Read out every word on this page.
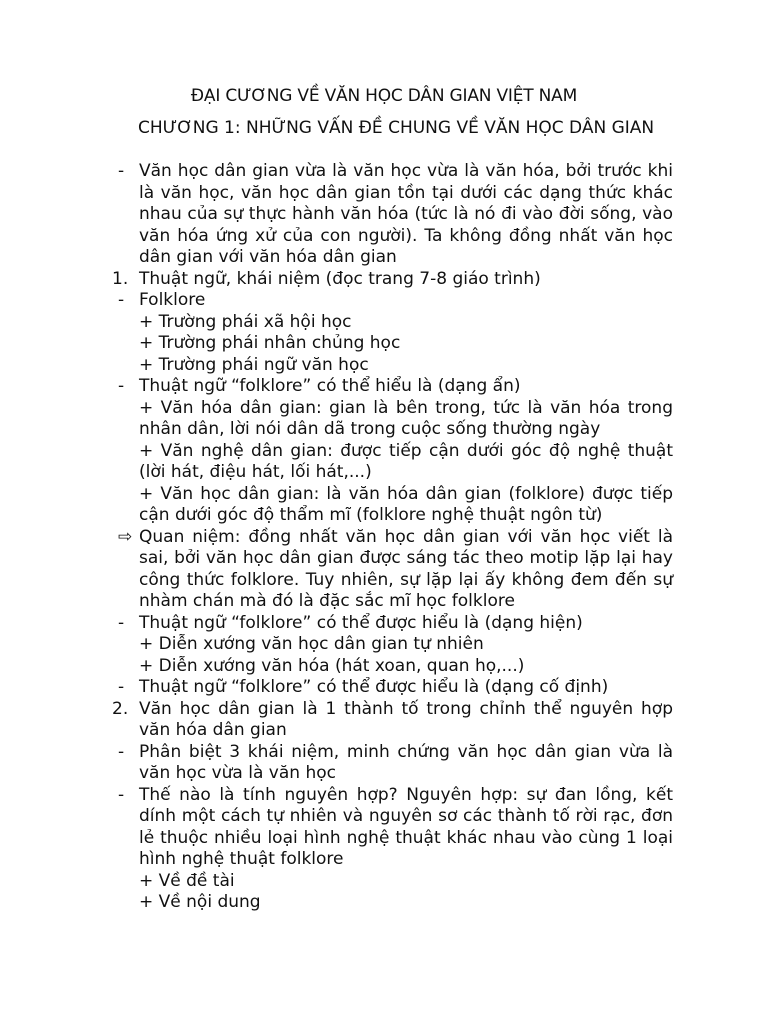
ĐẠI CƯƠNG VỀ VĂN HỌC DÂN GIAN VIỆT NAM
CHƯƠNG 1: NHỮNG VẤN ĐỀ CHUNG VỀ VĂN HỌC DÂN GIAN
- Văn học dân gian vừa là văn học vừa là văn hóa, bởi trước khi là văn học, văn học dân gian tồn tại dưới các dạng thức khác nhau của sự thực hành văn hóa (tức là nó đi vào đời sống, vào văn hóa ứng xử của con người). Ta không đồng nhất văn học dân gian với văn hóa dân gian
1. Thuật ngữ, khái niệm (đọc trang 7-8 giáo trình)
- Folklore
+ Trường phái xã hội học
+ Trường phái nhân chủng học
+ Trường phái ngữ văn học
- Thuật ngữ “folklore” có thể hiểu là (dạng ẩn)
+ Văn hóa dân gian: gian là bên trong, tức là văn hóa trong nhân dân, lời nói dân dã trong cuộc sống thường ngày
+ Văn nghệ dân gian: được tiếp cận dưới góc độ nghệ thuật (lời hát, điệu hát, lối hát,...)
+ Văn học dân gian: là văn hóa dân gian (folklore) được tiếp cận dưới góc độ thẩm mĩ (folklore nghệ thuật ngôn từ)
⇨ Quan niệm: đồng nhất văn học dân gian với văn học viết là sai, bởi văn học dân gian được sáng tác theo motip lặp lại hay công thức folklore. Tuy nhiên, sự lặp lại ấy không đem đến sự nhàm chán mà đó là đặc sắc mĩ học folklore
- Thuật ngữ “folklore” có thể được hiểu là (dạng hiện)
+ Diễn xướng văn học dân gian tự nhiên
+ Diễn xướng văn hóa (hát xoan, quan họ,...)
- Thuật ngữ “folklore” có thể được hiểu là (dạng cố định)
2. Văn học dân gian là 1 thành tố trong chỉnh thể nguyên hợp văn hóa dân gian
- Phân biệt 3 khái niệm, minh chứng văn học dân gian vừa là văn học vừa là văn học
- Thế nào là tính nguyên hợp? Nguyên hợp: sự đan lồng, kết dính một cách tự nhiên và nguyên sơ các thành tố rời rạc, đơn lẻ thuộc nhiều loại hình nghệ thuật khác nhau vào cùng 1 loại hình nghệ thuật folklore
+ Về đề tài
+ Về nội dung
